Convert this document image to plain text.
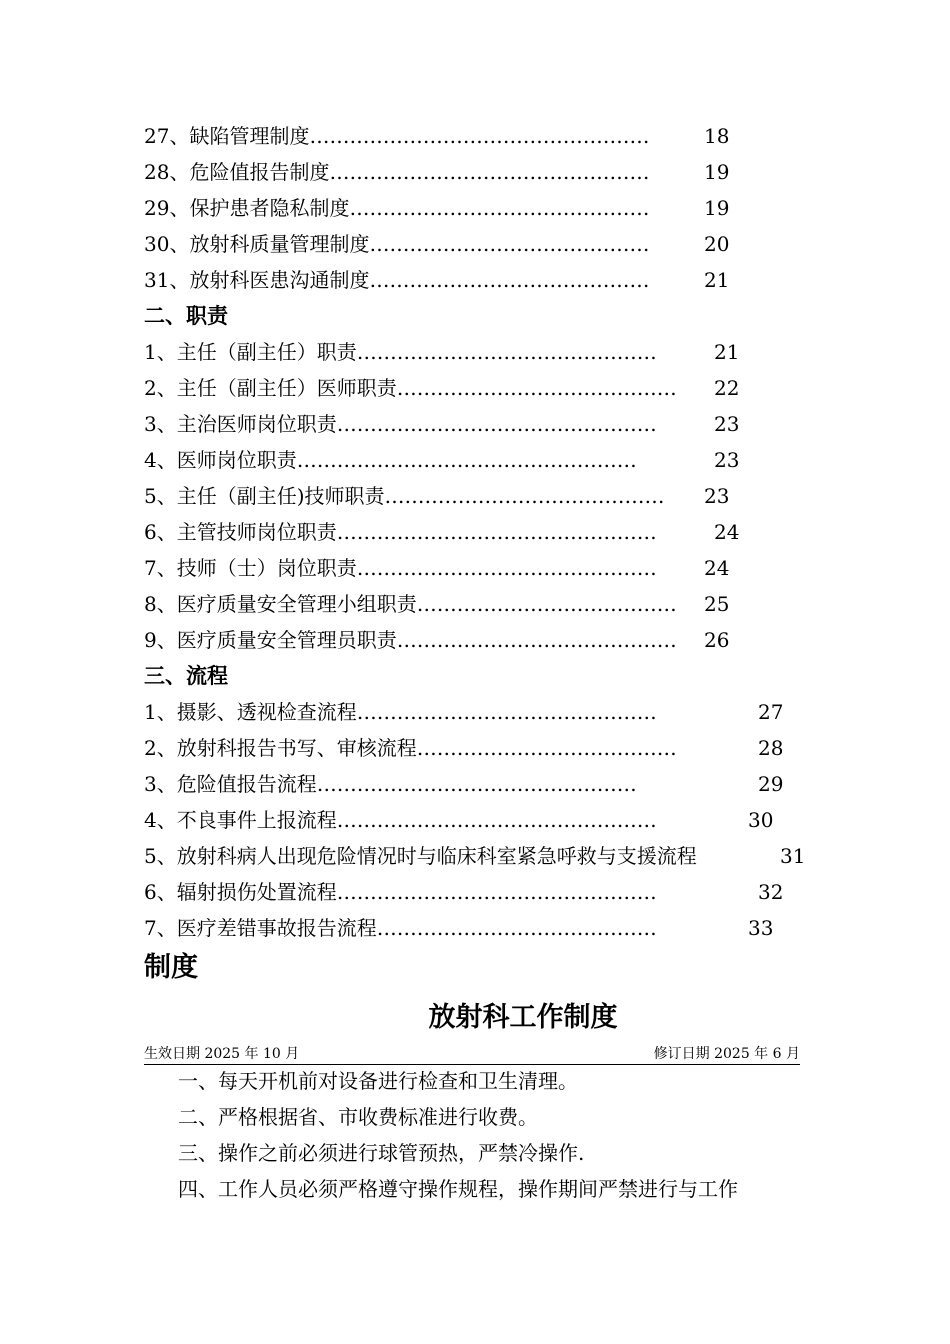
27、缺陷管理制度……………………………………………	18
28、危险值报告制度…………………………………………	19
29、保护患者隐私制度………………………………………	19
30、放射科质量管理制度……………………………………	20
31、放射科医患沟通制度……………………………………	21
二、职责
1、主任（副主任）职责………………………………………	21
2、主任（副主任）医师职责…………………………………… 22
3、主治医师岗位职责…………………………………………	23
4、医师岗位职责……………………………………………	23
5、主任（副主任)技师职责…………………………………… 23
6、主管技师岗位职责…………………………………………	24
7、技师（士）岗位职责……………………………………… 24
8、医疗质量安全管理小组职责………………………………… 25
9、医疗质量安全管理员职责…………………………………… 26
三、流程
1、摄影、透视检查流程………………………………………	27
2、放射科报告书写、审核流程…………………………………	28
3、危险值报告流程…………………………………………	29
4、不良事件上报流程…………………………………………	30
5、放射科病人出现危险情况时与临床科室紧急呼救与支援流程	31
6、辐射损伤处置流程…………………………………………	32
7、医疗差错事故报告流程……………………………………	33
制度
放射科工作制度
生效日期 2025 年 10 月	修订日期 2025 年 6 月
一、每天开机前对设备进行检查和卫生清理。
二、严格根据省、市收费标准进行收费。
三、操作之前必须进行球管预热，严禁冷操作.
四、工作人员必须严格遵守操作规程，操作期间严禁进行与工作
